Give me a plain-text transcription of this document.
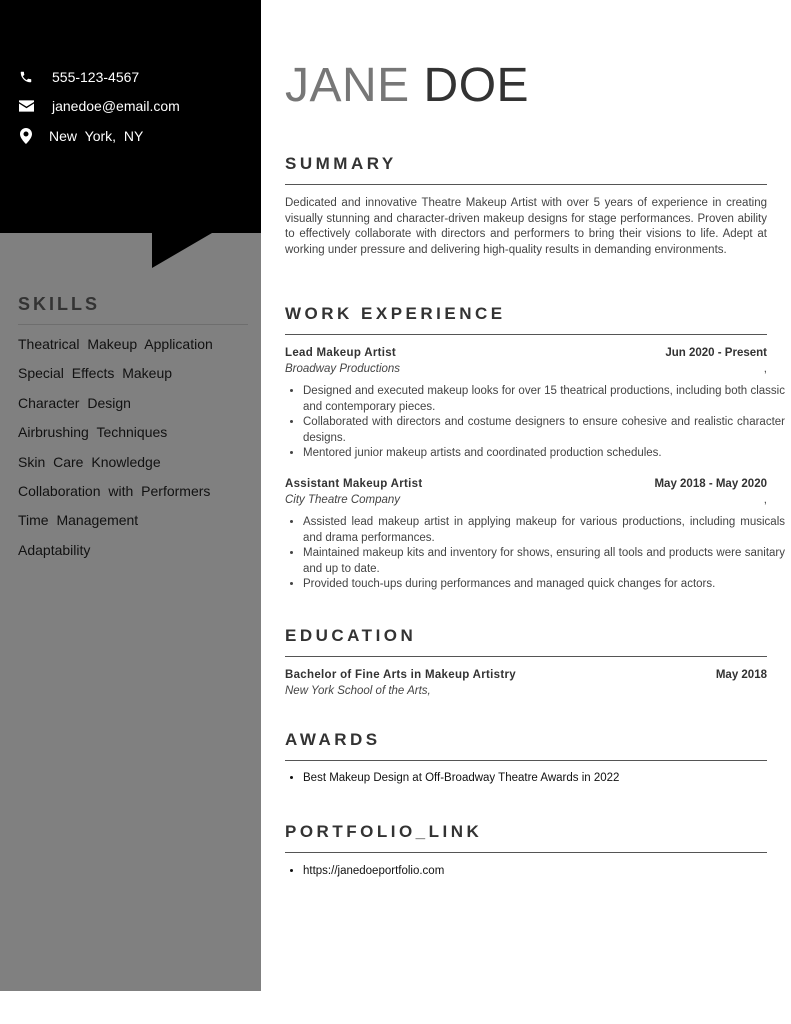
555-123-4567
janedoe@email.com
New York, NY
SKILLS
Theatrical Makeup Application
Special Effects Makeup
Character Design
Airbrushing Techniques
Skin Care Knowledge
Collaboration with Performers
Time Management
Adaptability
JANE DOE
SUMMARY
Dedicated and innovative Theatre Makeup Artist with over 5 years of experience in creating visually stunning and character-driven makeup designs for stage performances. Proven ability to effectively collaborate with directors and performers to bring their visions to life. Adept at working under pressure and delivering high-quality results in demanding environments.
WORK EXPERIENCE
Lead Makeup Artist	Jun 2020 - Present
Broadway Productions	,
• Designed and executed makeup looks for over 15 theatrical productions, including both classic and contemporary pieces.
• Collaborated with directors and costume designers to ensure cohesive and realistic character designs.
• Mentored junior makeup artists and coordinated production schedules.
Assistant Makeup Artist	May 2018 - May 2020
City Theatre Company	,
• Assisted lead makeup artist in applying makeup for various productions, including musicals and drama performances.
• Maintained makeup kits and inventory for shows, ensuring all tools and products were sanitary and up to date.
• Provided touch-ups during performances and managed quick changes for actors.
EDUCATION
Bachelor of Fine Arts in Makeup Artistry	May 2018
New York School of the Arts,
AWARDS
• Best Makeup Design at Off-Broadway Theatre Awards in 2022
PORTFOLIO_LINK
• https://janedoeportfolio.com
